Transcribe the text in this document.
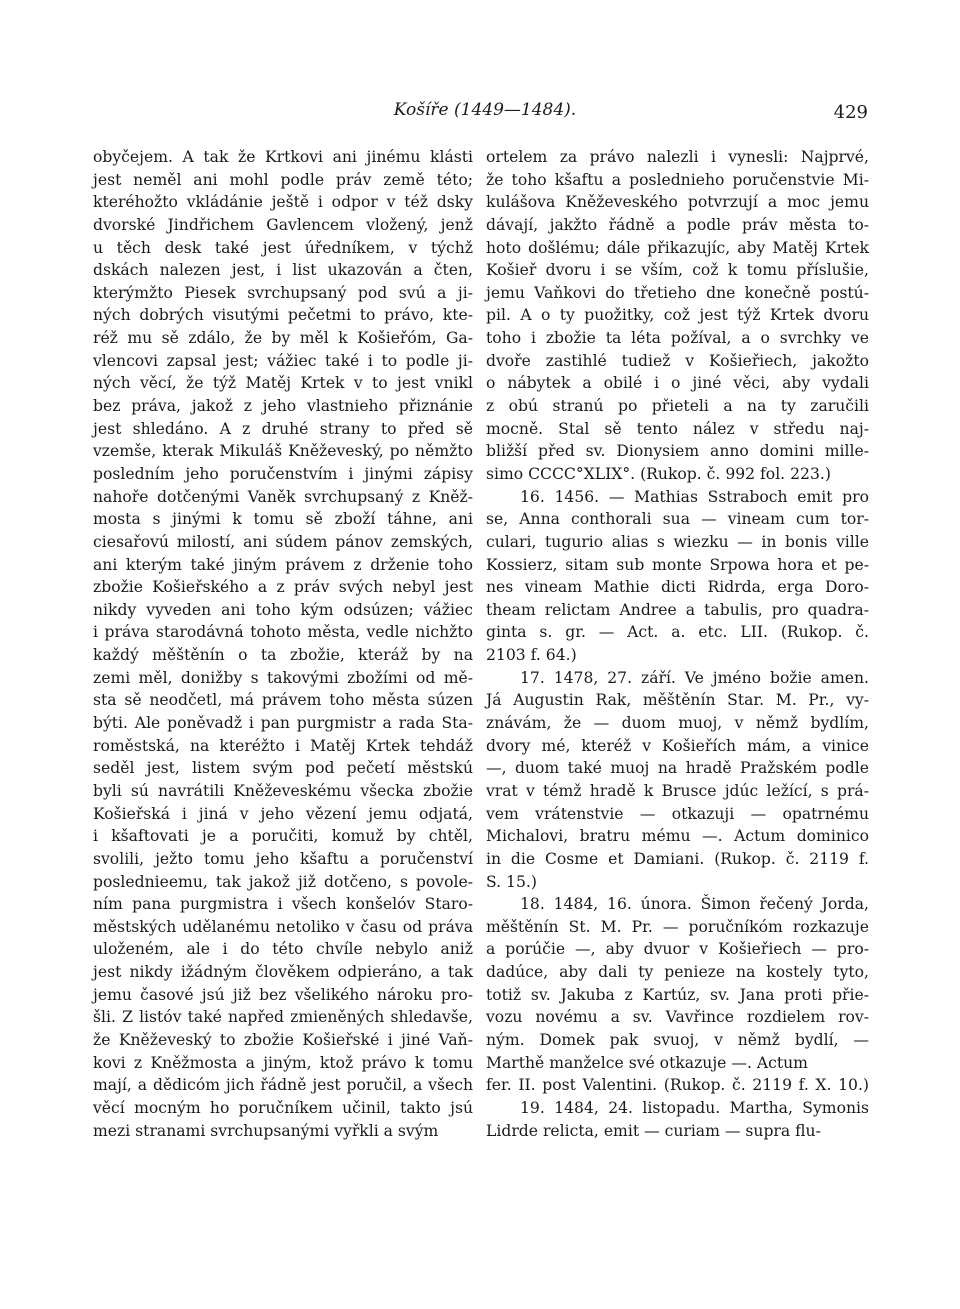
Košíře (1449—1484).	429
obyčejem. A tak že Krtkovi ani jinému klásti
jest neměl ani mohl podle práv země této;
kteréhožto vkládánie ještě i odpor v též dsky
dvorské Jindřichem Gavlencem vložený, jenž
u těch desk také jest úředníkem, v týchž
dskách nalezen jest, i list ukazován a čten,
kterýmžto Piesek svrchupsaný pod svú a ji-
ných dobrých visutými pečetmi to právo, kte-
réž mu sě zdálo, že by měl k Košieřóm, Ga-
vlencovi zapsal jest; vážiec také i to podle ji-
ných věcí, že týž Matěj Krtek v to jest vnikl
bez práva, jakož z jeho vlastnieho přiznánie
jest shledáno. A z druhé strany to před sě
vzemše, kterak Mikuláš Kněževeský, po němžto
posledním jeho poručenstvím i jinými zápisy
nahoře dotčenými Vaněk svrchupsaný z Kněž-
mosta s jinými k tomu sě zboží táhne, ani
ciesařovú milostí, ani súdem pánov zemských,
ani kterým také jiným právem z drženie toho
zbožie Košieřského a z práv svých nebyl jest
nikdy vyveden ani toho kým odsúzen; vážiec
i práva starodávná tohoto města, vedle nichžto
každý měštěnín o ta zbožie, kteráž by na
zemi měl, donižby s takovými zbožími od mě-
sta sě neodčetl, má právem toho města súzen
býti. Ale poněvadž i pan purgmistr a rada Sta-
roměstská, na kteréžto i Matěj Krtek tehdáž
seděl jest, listem svým pod pečetí městskú
byli sú navrátili Kněževeskému všecka zbožie
Košieřská i jiná v jeho vězení jemu odjatá,
i kšaftovati je a poručiti, komuž by chtěl,
svolili, ježto tomu jeho kšaftu a poručenství
poslednieemu, tak jakož již dotčeno, s povole-
ním pana purgmistra i všech konšelóv Staro-
městských udělanému netoliko v času od práva
uloženém, ale i do této chvíle nebylo aniž
jest nikdy ižádným člověkem odpieráno, a tak
jemu časové jsú již bez všelikého nároku pro-
šli. Z listóv také napřed zmieněných shledavše,
že Kněževeský to zbožie Košieřské i jiné Vaň-
kovi z Kněžmosta a jiným, ktož právo k tomu
mají, a dědicóm jich řádně jest poručil, a všech
věcí mocným ho poručníkem učinil, takto jsú
mezi stranami svrchupsanými vyřkli a svým
ortelem za právo nalezli i vynesli: Najprvé,
že toho kšaftu a poslednieho poručenstvie Mi-
kulášova Kněževeského potvrzují a moc jemu
dávají, jakžto řádně a podle práv města to-
hoto došlému; dále přikazujíc, aby Matěj Krtek
Košieř dvoru i se vším, což k tomu příslušie,
jemu Vaňkovi do třetieho dne konečně postú-
pil. A o ty puožitky, což jest týž Krtek dvoru
toho i zbožie ta léta požíval, a o svrchky ve
dvoře zastihlé tudiež v Košieřiech, jakožto
o nábytek a obilé i o jiné věci, aby vydali
z obú stranú po přieteli a na ty zaručili
mocně. Stal sě tento nález v středu naj-
bližší před sv. Dionysiem anno domini mille-
simo CCCC°XLIX°. (Rukop. č. 992 fol. 223.)
16. 1456. — Mathias Sstraboch emit pro
se, Anna conthorali sua — vineam cum tor-
culari, tugurio alias s wiezku — in bonis ville
Kossierz, sitam sub monte Srpowa hora et pe-
nes vineam Mathie dicti Ridrda, erga Doro-
theam relictam Andree a tabulis, pro quadra-
ginta s. gr. — Act. a. etc. LII. (Rukop. č.
2103 f. 64.)
17. 1478, 27. září. Ve jméno božie amen.
Já Augustin Rak, měštěnín Star. M. Pr., vy-
znávám, že — duom muoj, v němž bydlím,
dvory mé, kteréž v Košieřích mám, a vinice
—, duom také muoj na hradě Pražském podle
vrat v témž hradě k Brusce jdúc ležící, s prá-
vem vrátenstvie — otkazuji — opatrnému
Michalovi, bratru mému —. Actum dominico
in die Cosme et Damiani. (Rukop. č. 2119 f.
S. 15.)
18. 1484, 16. února. Šimon řečený Jorda,
měštěnín St. M. Pr. — poručníkóm rozkazuje
a porúčie —, aby dvuor v Košieřiech — pro-
dadúce, aby dali ty penieze na kostely tyto,
totiž sv. Jakuba z Kartúz, sv. Jana proti přie-
vozu novému a sv. Vavřince rozdielem rov-
ným. Domek pak svuoj, v němž bydlí, —
Marthě manželce své otkazuje —. Actum
fer. II. post Valentini. (Rukop. č. 2119 f. X. 10.)
19. 1484, 24. listopadu. Martha, Symonis
Lidrde relicta, emit — curiam — supra flu-
